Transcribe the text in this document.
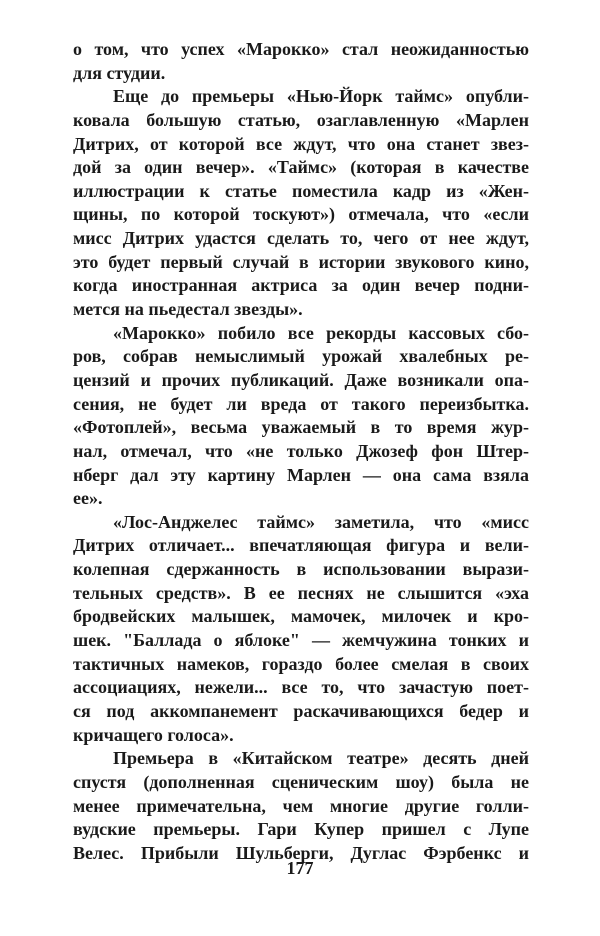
о том, что успех «Марокко» стал неожиданностью
для студии.
Еще до премьеры «Нью-Йорк таймс» опубли-
ковала большую статью, озаглавленную «Марлен
Дитрих, от которой все ждут, что она станет звез-
дой за один вечер». «Таймс» (которая в качестве
иллюстрации к статье поместила кадр из «Жен-
щины, по которой тоскуют») отмечала, что «если
мисс Дитрих удастся сделать то, чего от нее ждут,
это будет первый случай в истории звукового кино,
когда иностранная актриса за один вечер подни-
мется на пьедестал звезды».
«Марокко» побило все рекорды кассовых сбо-
ров, собрав немыслимый урожай хвалебных ре-
цензий и прочих публикаций. Даже возникали опа-
сения, не будет ли вреда от такого переизбытка.
«Фотоплей», весьма уважаемый в то время жур-
нал, отмечал, что «не только Джозеф фон Штер-
нберг дал эту картину Марлен — она сама взяла
ее».
«Лос-Анджелес таймс» заметила, что «мисс
Дитрих отличает... впечатляющая фигура и вели-
колепная сдержанность в использовании вырази-
тельных средств». В ее песнях не слышится «эха
бродвейских малышек, мамочек, милочек и кро-
шек. "Баллада о яблоке" — жемчужина тонких и
тактичных намеков, гораздо более смелая в своих
ассоциациях, нежели... все то, что зачастую поет-
ся под аккомпанемент раскачивающихся бедер и
кричащего голоса».
Премьера в «Китайском театре» десять дней
спустя (дополненная сценическим шоу) была не
менее примечательна, чем многие другие голли-
вудские премьеры. Гари Купер пришел с Лупе
Велес. Прибыли Шульберги, Дуглас Фэрбенкс и
177
